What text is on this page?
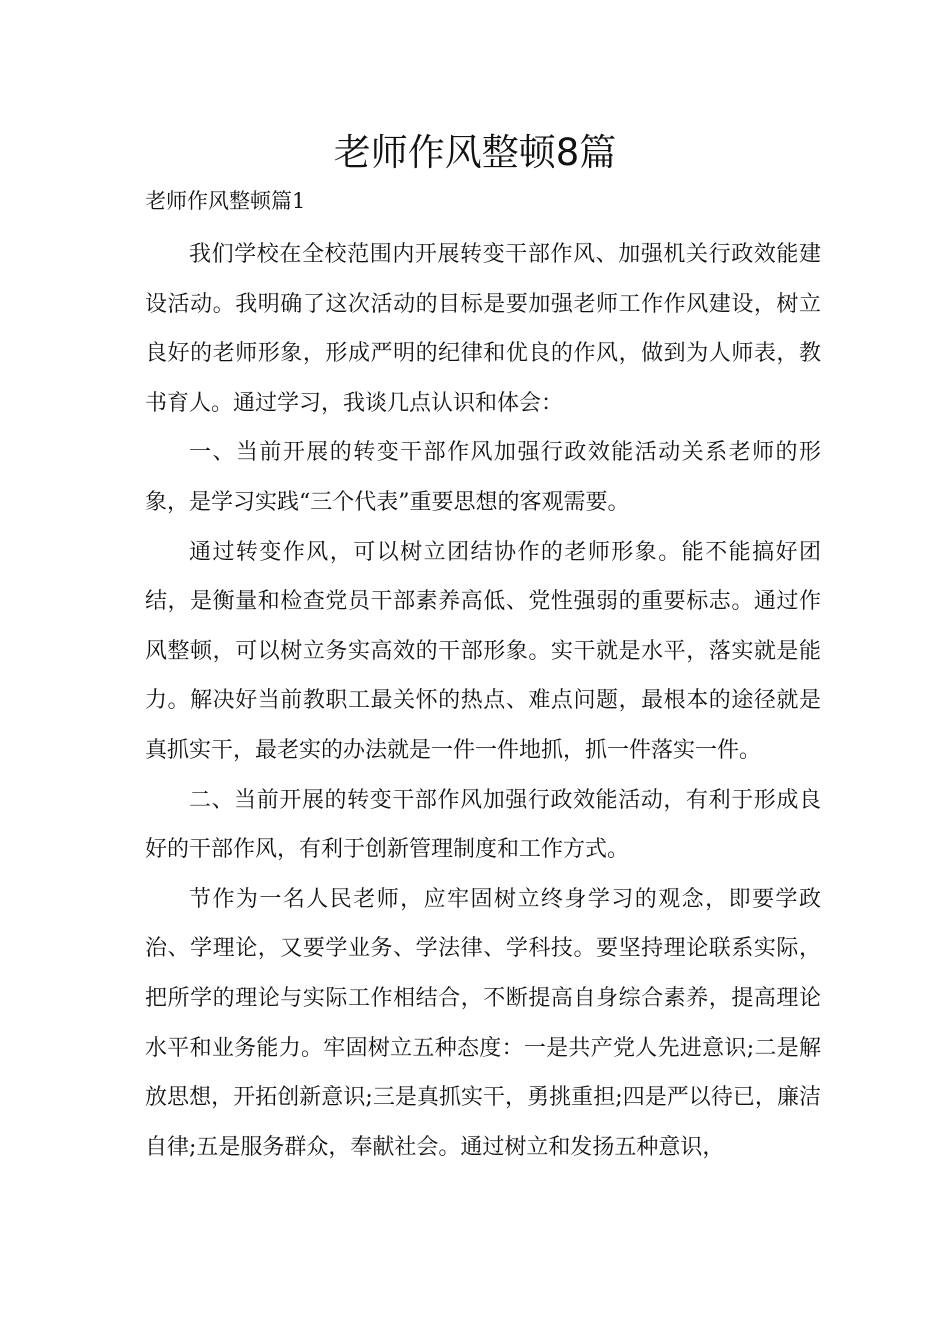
老师作风整顿8篇
老师作风整顿篇1

我们学校在全校范围内开展转变干部作风、加强机关行政效能建设活动。我明确了这次活动的目标是要加强老师工作作风建设，树立良好的老师形象，形成严明的纪律和优良的作风，做到为人师表，教书育人。通过学习，我谈几点认识和体会：

一、当前开展的转变干部作风加强行政效能活动关系老师的形象，是学习实践“三个代表”重要思想的客观需要。

通过转变作风，可以树立团结协作的老师形象。能不能搞好团结，是衡量和检查党员干部素养高低、党性强弱的重要标志。通过作风整顿，可以树立务实高效的干部形象。实干就是水平，落实就是能力。解决好当前教职工最关怀的热点、难点问题，最根本的途径就是真抓实干，最老实的办法就是一件一件地抓，抓一件落实一件。

二、当前开展的转变干部作风加强行政效能活动，有利于形成良好的干部作风，有利于创新管理制度和工作方式。

节作为一名人民老师，应牢固树立终身学习的观念，即要学政治、学理论，又要学业务、学法律、学科技。要坚持理论联系实际，把所学的理论与实际工作相结合，不断提高自身综合素养，提高理论水平和业务能力。牢固树立五种态度：一是共产党人先进意识;二是解放思想，开拓创新意识;三是真抓实干，勇挑重担;四是严以待已，廉洁自律;五是服务群众，奉献社会。通过树立和发扬五种意识，
